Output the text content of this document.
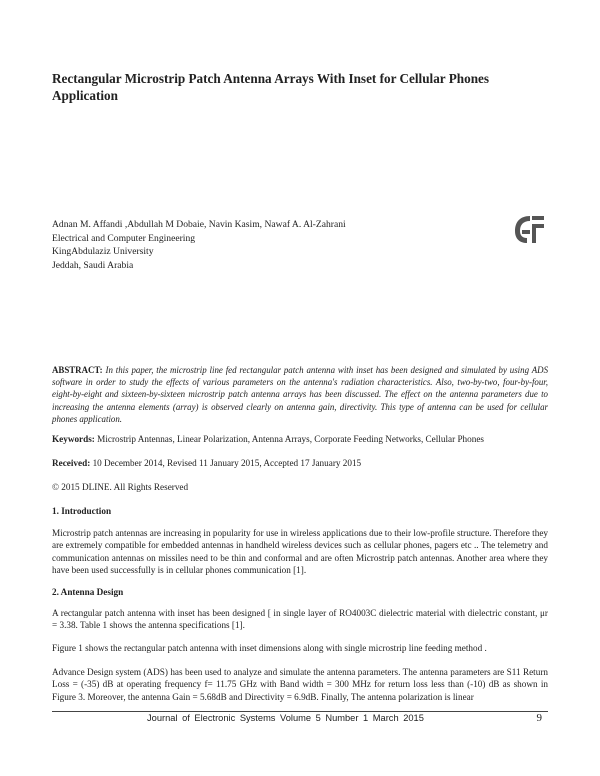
Rectangular Microstrip Patch Antenna Arrays With Inset for Cellular Phones Application
Adnan M. Affandi ,Abdullah M Dobaie, Navin Kasim, Nawaf A. Al-Zahrani
Electrical and Computer Engineering
KingAbdulaziz University
Jeddah, Saudi Arabia
ABSTRACT: In this paper, the microstrip line fed rectangular patch antenna with inset has been designed and simulated by using ADS software in order to study the effects of various parameters on the antenna's radiation characteristics. Also, two-by-two, four-by-four, eight-by-eight and sixteen-by-sixteen microstrip patch antenna arrays has been discussed. The effect on the antenna parameters due to increasing the antenna elements (array) is observed clearly on antenna gain, directivity. This type of antenna can be used for cellular phones application.
Keywords: Microstrip Antennas, Linear Polarization, Antenna Arrays, Corporate Feeding Networks, Cellular Phones
Received: 10 December 2014, Revised 11 January 2015, Accepted 17 January 2015
© 2015 DLINE. All Rights Reserved
1. Introduction
Microstrip patch antennas are increasing in popularity for use in wireless applications due to their low-profile structure. Therefore they are extremely compatible for embedded antennas in handheld wireless devices such as cellular phones, pagers etc .. The telemetry and communication antennas on missiles need to be thin and conformal and are often Microstrip patch antennas. Another area where they have been used successfully is in cellular phones communication [1].
2. Antenna Design
A rectangular patch antenna with inset has been designed [ in single layer of RO4003C dielectric material with dielectric constant, μr = 3.38. Table 1 shows the antenna specifications [1].
Figure 1 shows the rectangular patch antenna with inset dimensions along with single microstrip line feeding method .
Advance Design system (ADS) has been used to analyze and simulate the antenna parameters. The antenna parameters are S11 Return Loss = (-35) dB at operating frequency f= 11.75 GHz with Band width = 300 MHz for return loss less than (-10) dB as shown in Figure 3. Moreover, the antenna Gain = 5.68dB and Directivity = 6.9dB. Finally, The antenna polarization is linear
Journal of Electronic Systems Volume 5 Number 1 March 2015	9
